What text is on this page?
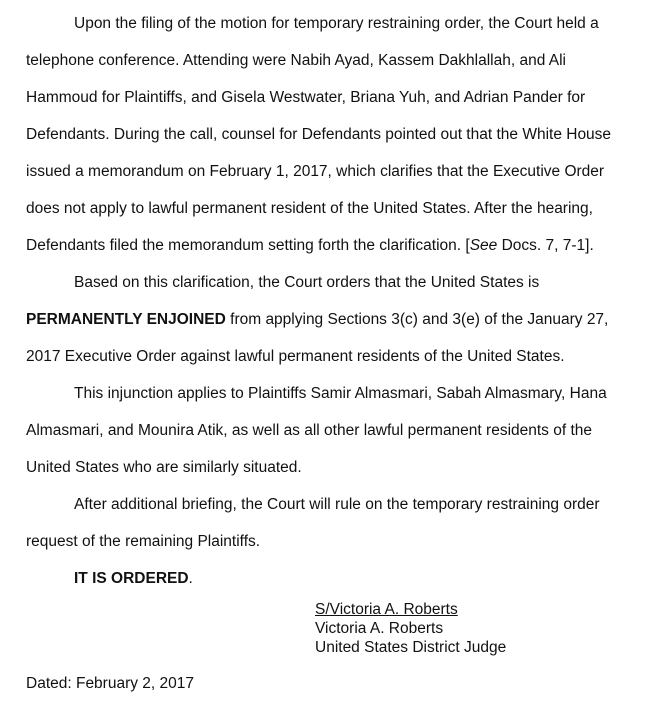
Upon the filing of the motion for temporary restraining order, the Court held a
telephone conference. Attending were Nabih Ayad, Kassem Dakhlallah, and Ali
Hammoud for Plaintiffs, and Gisela Westwater, Briana Yuh, and Adrian Pander for
Defendants. During the call, counsel for Defendants pointed out that the White House
issued a memorandum on February 1, 2017, which clarifies that the Executive Order
does not apply to lawful permanent resident of the United States. After the hearing,
Defendants filed the memorandum setting forth the clarification. [See Docs. 7, 7-1].
Based on this clarification, the Court orders that the United States is
PERMANENTLY ENJOINED from applying Sections 3(c) and 3(e) of the January 27,
2017 Executive Order against lawful permanent residents of the United States.
This injunction applies to Plaintiffs Samir Almasmari, Sabah Almasmary, Hana
Almasmari, and Mounira Atik, as well as all other lawful permanent residents of the
United States who are similarly situated.
After additional briefing, the Court will rule on the temporary restraining order
request of the remaining Plaintiffs.
IT IS ORDERED.
S/Victoria A. Roberts
Victoria A. Roberts
United States District Judge
Dated: February 2, 2017
